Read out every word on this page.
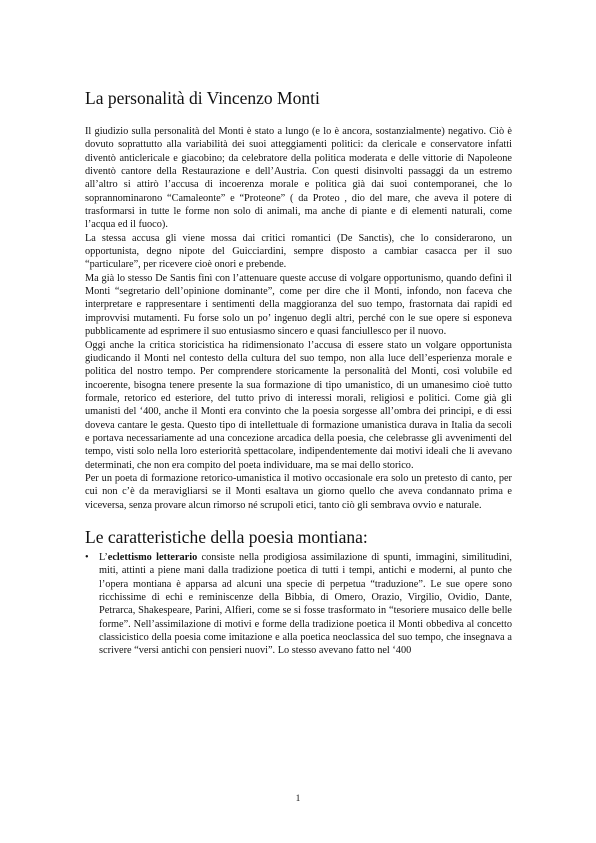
La personalità di Vincenzo Monti

Il giudizio sulla personalità del Monti è stato a lungo (e lo è ancora, sostanzialmente) negativo. Ciò è dovuto soprattutto alla variabilità dei suoi atteggiamenti politici: da clericale e conservatore infatti diventò anticlericale e giacobino; da celebratore della politica moderata e delle vittorie di Napoleone diventò cantore della Restaurazione e dell’Austria. Con questi disinvolti passaggi da un estremo all’altro si attirò l’accusa di incoerenza morale e politica già dai suoi contemporanei, che lo soprannominarono “Camaleonte” e “Proteone” ( da Proteo , dio del mare, che aveva il potere di trasformarsi in tutte le forme non solo di animali, ma anche di piante e di elementi naturali, come l’acqua ed il fuoco).

La stessa accusa gli viene mossa dai critici romantici (De Sanctis), che lo considerarono, un opportunista, degno nipote del Guicciardini, sempre disposto a cambiar casacca per il suo “particulare”, per ricevere cioè onori e prebende.

Ma già lo stesso De Santis finì con l’attenuare queste accuse di volgare opportunismo, quando definì il Monti “segretario dell’opinione dominante”, come per dire che il Monti, infondo, non faceva che interpretare e rappresentare i sentimenti della maggioranza del suo tempo, frastornata dai rapidi ed improvvisi mutamenti. Fu forse solo un po’ ingenuo degli altri, perché con le sue opere si esponeva pubblicamente ad esprimere il suo entusiasmo sincero e quasi fanciullesco per il nuovo.

Oggi anche la critica storicistica ha ridimensionato l’accusa di essere stato un volgare opportunista giudicando il Monti nel contesto della cultura del suo tempo, non alla luce dell’esperienza morale e politica del nostro tempo. Per comprendere storicamente la personalità del Monti, così volubile ed incoerente, bisogna tenere presente la sua formazione di tipo umanistico, di un umanesimo cioè tutto formale, retorico ed esteriore, del tutto privo di interessi morali, religiosi e politici. Come già gli umanisti del ‘400, anche il Monti era convinto che la poesia sorgesse all’ombra dei principi, e di essi doveva cantare le gesta. Questo tipo di intellettuale di formazione umanistica durava in Italia da secoli e portava necessariamente ad una concezione arcadica della poesia, che celebrasse gli avvenimenti del tempo, visti solo nella loro esteriorità spettacolare, indipendentemente dai motivi ideali che li avevano determinati, che non era compito del poeta individuare, ma se mai dello storico.

Per un poeta di formazione retorico-umanistica il motivo occasionale era solo un pretesto di canto, per cui non c’è da meravigliarsi se il Monti esaltava un giorno quello che aveva condannato prima e viceversa, senza provare alcun rimorso né scrupoli etici, tanto ciò gli sembrava ovvio e naturale.

Le caratteristiche della poesia montiana:
• L’eclettismo letterario consiste nella prodigiosa assimilazione di spunti, immagini, similitudini, miti, attinti a piene mani dalla tradizione poetica di tutti i tempi, antichi e moderni, al punto che l’opera montiana è apparsa ad alcuni una specie di perpetua “traduzione”. Le sue opere sono ricchissime di echi e reminiscenze della Bibbia, di Omero, Orazio, Virgilio, Ovidio, Dante, Petrarca, Shakespeare, Parini, Alfieri, come se si fosse trasformato in “tesoriere musaico delle belle forme”. Nell’assimilazione di motivi e forme della tradizione poetica il Monti obbediva al concetto classicistico della poesia come imitazione e alla poetica neoclassica del suo tempo, che insegnava a scrivere “versi antichi con pensieri nuovi”. Lo stesso avevano fatto nel ‘400
1
